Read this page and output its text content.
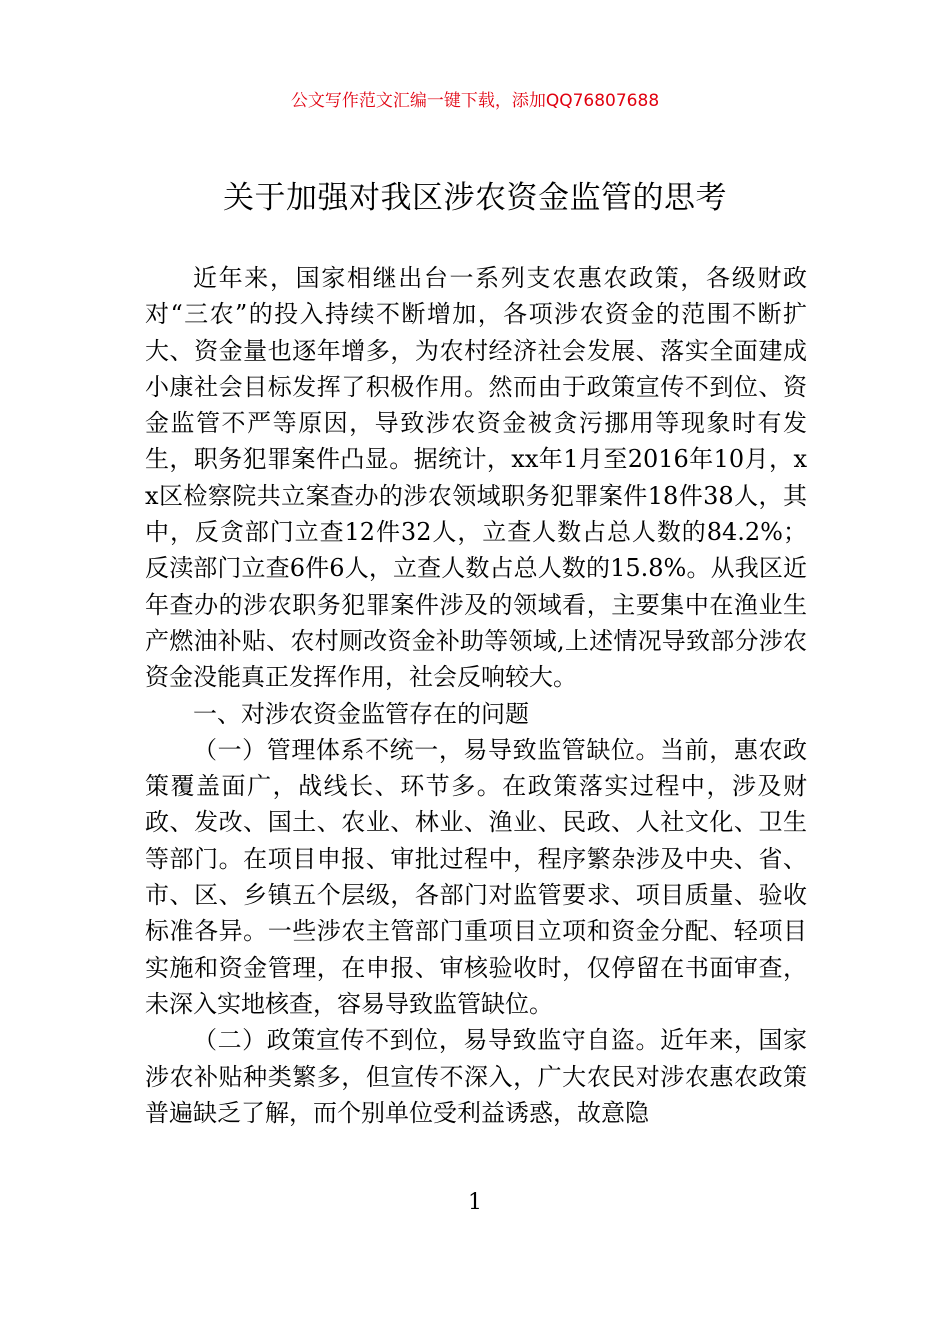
公文写作范文汇编一键下载，添加QQ76807688
关于加强对我区涉农资金监管的思考

近年来，国家相继出台一系列支农惠农政策，各级财政对“三农”的投入持续不断增加，各项涉农资金的范围不断扩大、资金量也逐年增多，为农村经济社会发展、落实全面建成小康社会目标发挥了积极作用。然而由于政策宣传不到位、资金监管不严等原因，导致涉农资金被贪污挪用等现象时有发生，职务犯罪案件凸显。据统计，xx年1月至2016年10月，xx区检察院共立案查办的涉农领域职务犯罪案件18件38人，其中，反贪部门立查12件32人，立查人数占总人数的84.2%；反渎部门立查6件6人，立查人数占总人数的15.8%。从我区近年查办的涉农职务犯罪案件涉及的领域看，主要集中在渔业生产燃油补贴、农村厕改资金补助等领域,上述情况导致部分涉农资金没能真正发挥作用，社会反响较大。

一、对涉农资金监管存在的问题

（一）管理体系不统一，易导致监管缺位。当前，惠农政策覆盖面广，战线长、环节多。在政策落实过程中，涉及财政、发改、国土、农业、林业、渔业、民政、人社文化、卫生等部门。在项目申报、审批过程中，程序繁杂涉及中央、省、市、区、乡镇五个层级，各部门对监管要求、项目质量、验收标准各异。一些涉农主管部门重项目立项和资金分配、轻项目实施和资金管理，在申报、审核验收时，仅停留在书面审查，未深入实地核查，容易导致监管缺位。

（二）政策宣传不到位，易导致监守自盗。近年来，国家涉农补贴种类繁多，但宣传不深入，广大农民对涉农惠农政策普遍缺乏了解，而个别单位受利益诱惑，故意隐

1
